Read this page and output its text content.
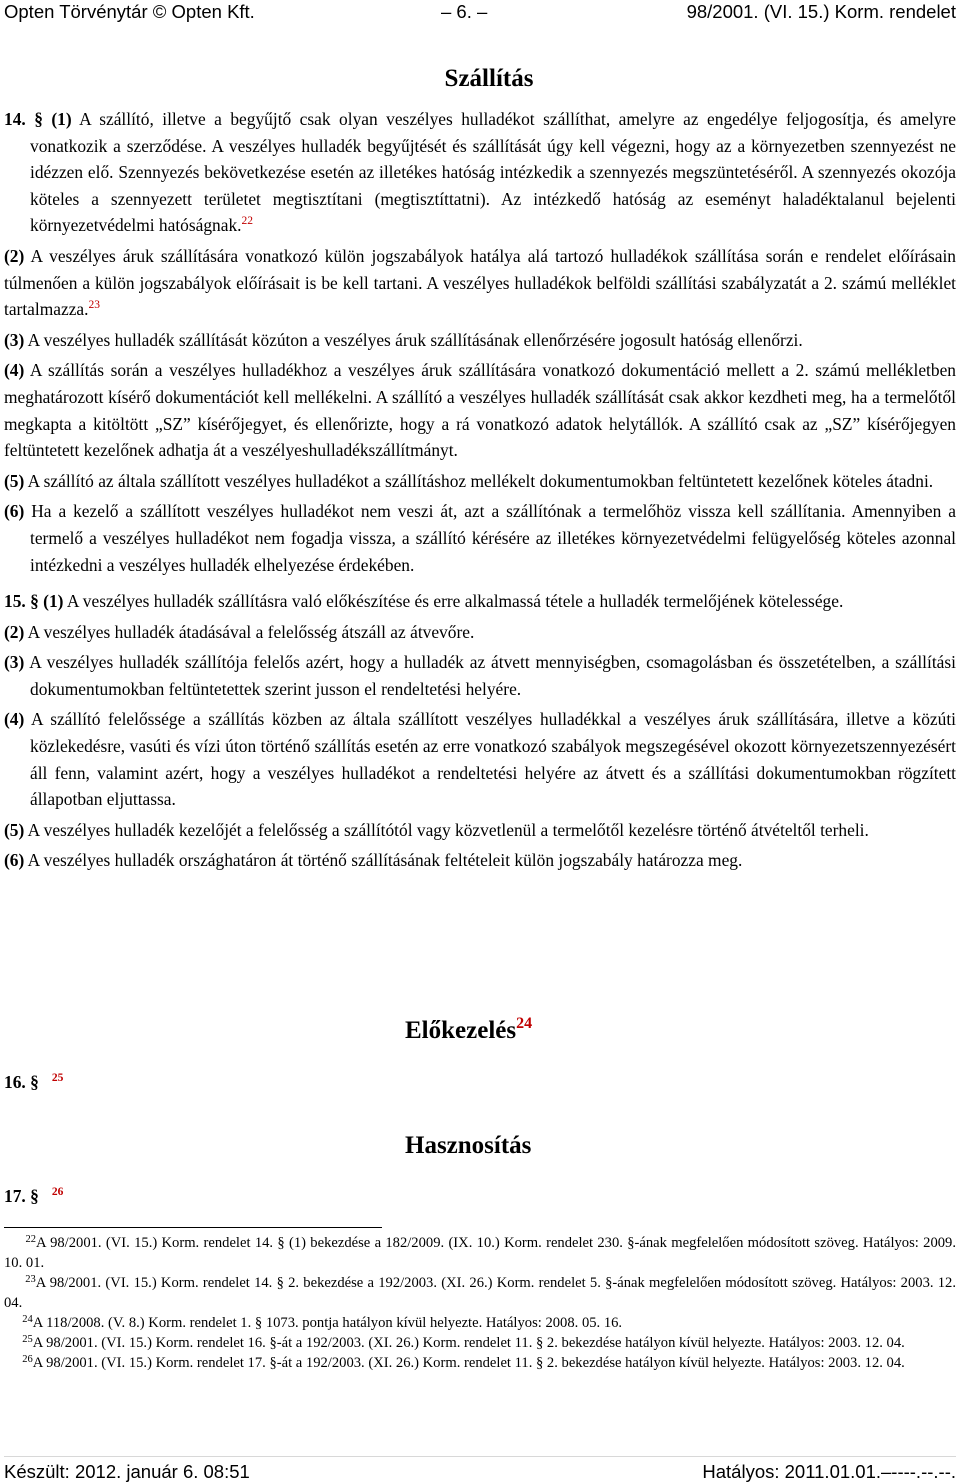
Opten Törvénytár © Opten Kft.	– 6. –	98/2001. (VI. 15.) Korm. rendelet
Szállítás

14. § (1) A szállító, illetve a begyűjtő csak olyan veszélyes hulladékot szállíthat, amelyre az engedélye feljogosítja, és amelyre vonatkozik a szerződése. A veszélyes hulladék begyűjtését és szállítását úgy kell végezni, hogy az a környezetben szennyezést ne idézzen elő. Szennyezés bekövetkezése esetén az illetékes hatóság intézkedik a szennyezés megszüntetéséről. A szennyezés okozója köteles a szennyezett területet megtisztítani (megtisztíttatni). Az intézkedő hatóság az eseményt haladéktalanul bejelenti környezetvédelmi hatóságnak.$^{22}$

(2) A veszélyes áruk szállítására vonatkozó külön jogszabályok hatálya alá tartozó hulladékok szállítása során e rendelet előírásain túlmenően a külön jogszabályok előírásait is be kell tartani. A veszélyes hulladékok belföldi szállítási szabályzatát a 2. számú melléklet tartalmazza.$^{23}$

(3) A veszélyes hulladék szállítását közúton a veszélyes áruk szállításának ellenőrzésére jogosult hatóság ellenőrzi.

(4) A szállítás során a veszélyes hulladékhoz a veszélyes áruk szállítására vonatkozó dokumentáció mellett a 2. számú mellékletben meghatározott kísérő dokumentációt kell mellékelni. A szállító a veszélyes hulladék szállítását csak akkor kezdheti meg, ha a termelőtől megkapta a kitöltött „SZ” kísérőjegyet, és ellenőrizte, hogy a rá vonatkozó adatok helytállók. A szállító csak az „SZ” kísérőjegyen feltüntetett kezelőnek adhatja át a veszélyeshulladékszállítmányt.

(5) A szállító az általa szállított veszélyes hulladékot a szállításhoz mellékelt dokumentumokban feltüntetett kezelőnek köteles átadni.

(6) Ha a kezelő a szállított veszélyes hulladékot nem veszi át, azt a szállítónak a termelőhöz vissza kell szállítania. Amennyiben a termelő a veszélyes hulladékot nem fogadja vissza, a szállító kérésére az illetékes környezetvédelmi felügyelőség köteles azonnal intézkedni a veszélyes hulladék elhelyezése érdekében.

15. § (1) A veszélyes hulladék szállításra való előkészítése és erre alkalmassá tétele a hulladék termelőjének kötelessége.

(2) A veszélyes hulladék átadásával a felelősség átszáll az átvevőre.

(3) A veszélyes hulladék szállítója felelős azért, hogy a hulladék az átvett mennyiségben, csomagolásban és összetételben, a szállítási dokumentumokban feltüntetettek szerint jusson el rendeltetési helyére.

(4) A szállító felelőssége a szállítás közben az általa szállított veszélyes hulladékkal a veszélyes áruk szállítására, illetve a közúti közlekedésre, vasúti és vízi úton történő szállítás esetén az erre vonatkozó szabályok megszegésével okozott környezetszennyezésért áll fenn, valamint azért, hogy a veszélyes hulladékot a rendeltetési helyére az átvett és a szállítási dokumentumokban rögzített állapotban eljuttassa.

(5) A veszélyes hulladék kezelőjét a felelősség a szállítótól vagy közvetlenül a termelőtől kezelésre történő átvételtől terheli.

(6) A veszélyes hulladék országhatáron át történő szállításának feltételeit külön jogszabály határozza meg.

Előkezelés$^{24}$
16. § $^{25}$
Hasznosítás
17. § $^{26}$

$^{22}$A 98/2001. (VI. 15.) Korm. rendelet 14. § (1) bekezdése a 182/2009. (IX. 10.) Korm. rendelet 230. §-ának megfelelően módosított szöveg. Hatályos: 2009. 10. 01.

$^{23}$A 98/2001. (VI. 15.) Korm. rendelet 14. § 2. bekezdése a 192/2003. (XI. 26.) Korm. rendelet 5. §-ának megfelelően módosított szöveg. Hatályos: 2003. 12. 04.

$^{24}$A 118/2008. (V. 8.) Korm. rendelet 1. § 1073. pontja hatályon kívül helyezte. Hatályos: 2008. 05. 16.

$^{25}$A 98/2001. (VI. 15.) Korm. rendelet 16. §-át a 192/2003. (XI. 26.) Korm. rendelet 11. § 2. bekezdése hatályon kívül helyezte. Hatályos: 2003. 12. 04.

$^{26}$A 98/2001. (VI. 15.) Korm. rendelet 17. §-át a 192/2003. (XI. 26.) Korm. rendelet 11. § 2. bekezdése hatályon kívül helyezte. Hatályos: 2003. 12. 04.

Készült: 2012. január 6. 08:51	Hatályos: 2011.01.01.–----.--.--.
